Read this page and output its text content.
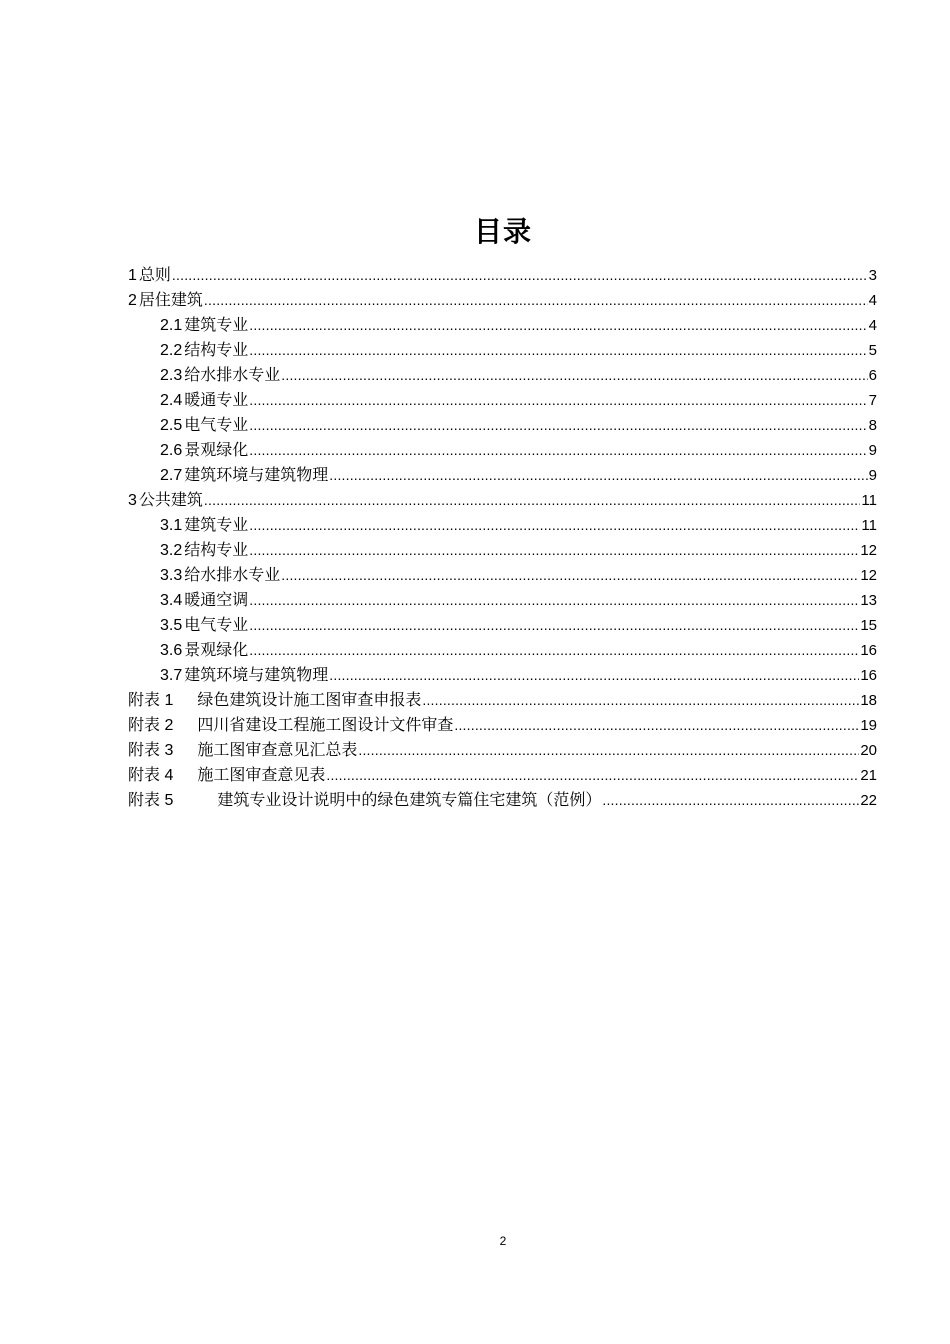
目录
1 总则 .....	3
2 居住建筑 .....	4
2.1 建筑专业 .....	4
2.2 结构专业 .....	5
2.3 给水排水专业 .....	6
2.4 暖通专业 .....	7
2.5 电气专业 .....	8
2.6 景观绿化 .....	9
2.7 建筑环境与建筑物理 .....	9
3 公共建筑 .....	11
3.1 建筑专业 .....	11
3.2 结构专业 .....	12
3.3 给水排水专业 .....	12
3.4 暖通空调 .....	13
3.5 电气专业 .....	15
3.6 景观绿化 .....	16
3.7 建筑环境与建筑物理 .....	16
附表 1 绿色建筑设计施工图审查申报表 .....	18
附表 2 四川省建设工程施工图设计文件审查 .....	19
附表 3 施工图审查意见汇总表 .....	20
附表 4 施工图审查意见表 .....	21
附表 5	建筑专业设计说明中的绿色建筑专篇住宅建筑（范例） .....	22
2
